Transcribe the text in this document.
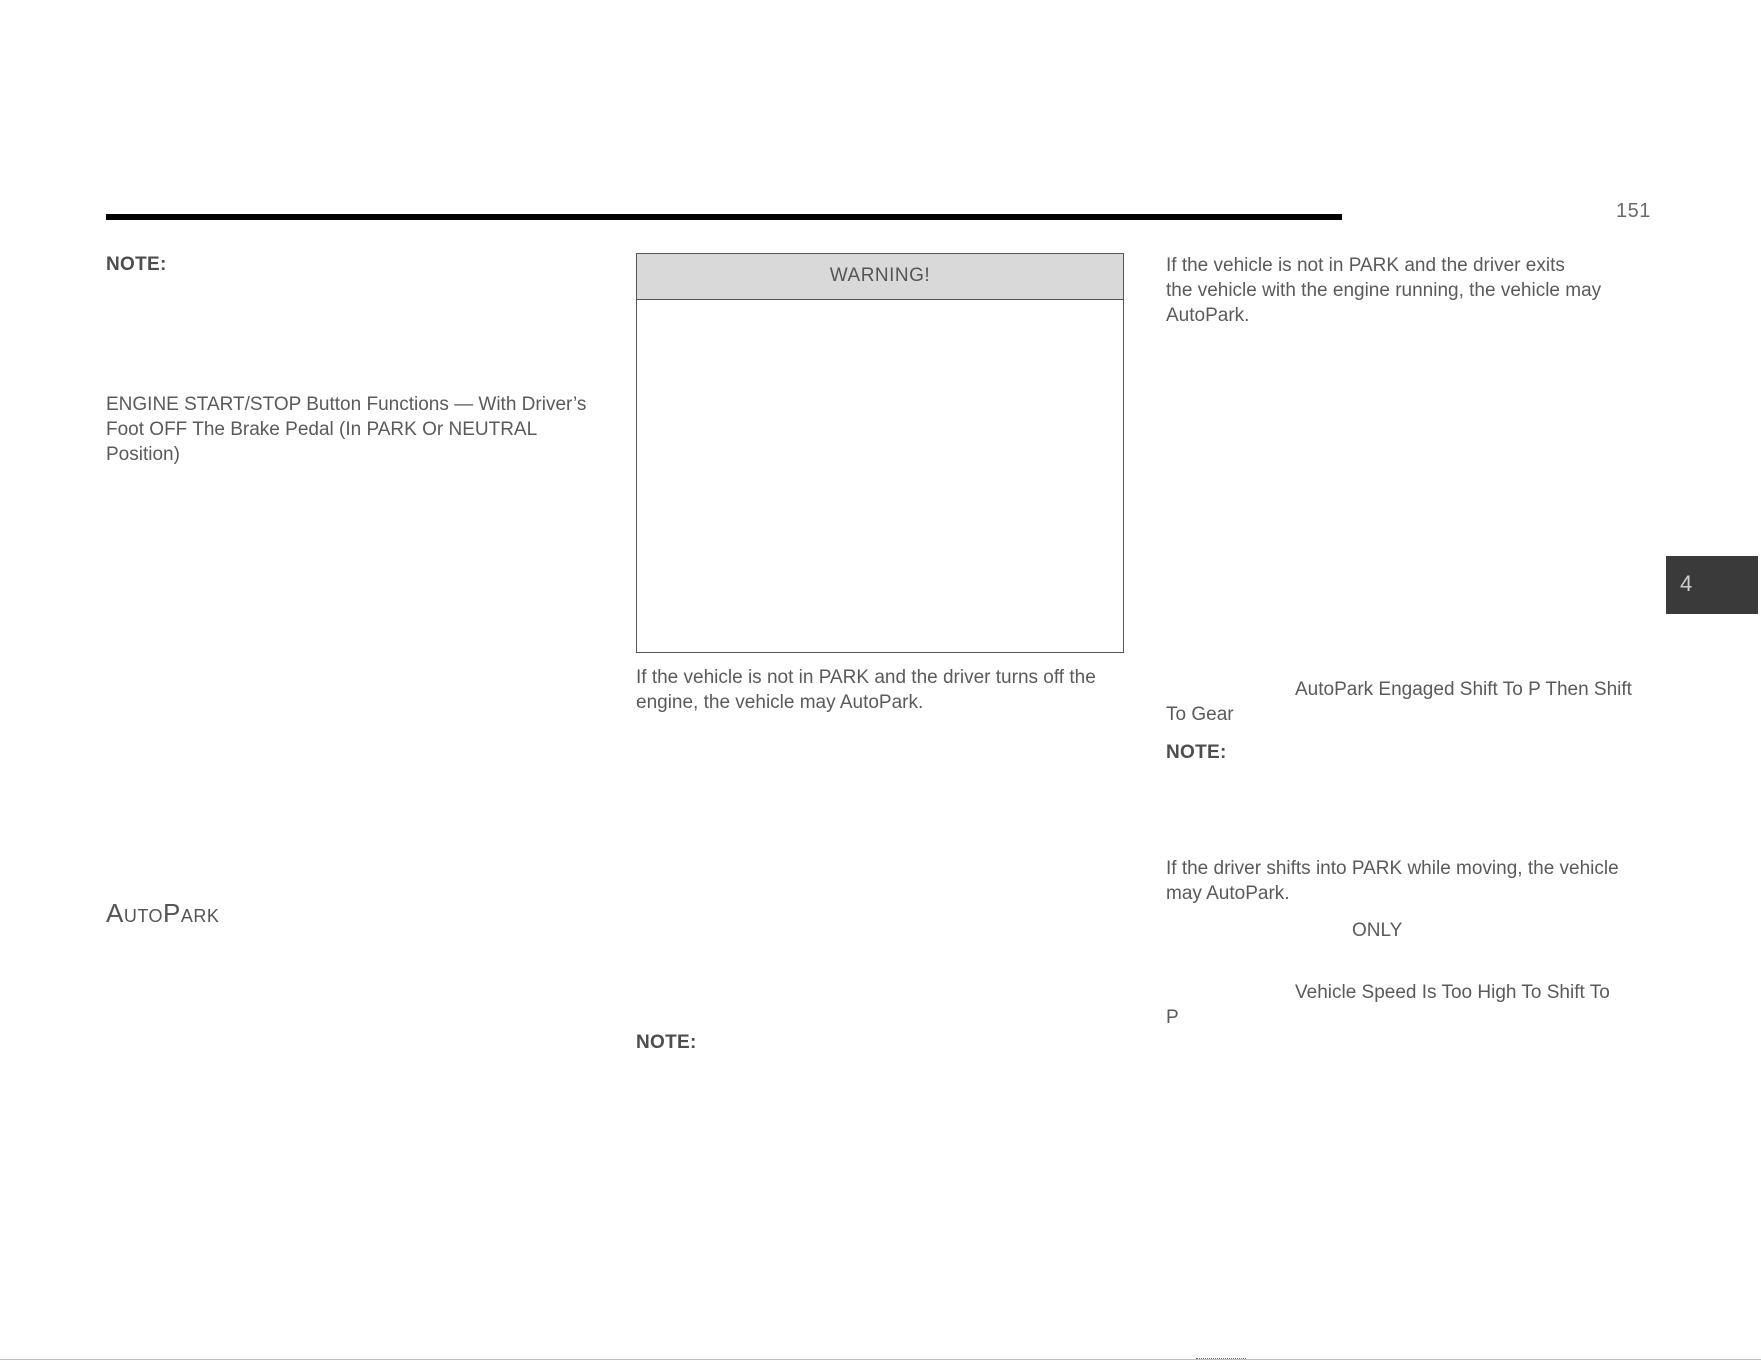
151
4
NOTE:
ENGINE START/STOP Button Functions — With Driver’s
Foot OFF The Brake Pedal (In PARK Or NEUTRAL
Position)
AutoPark
WARNING!
If the vehicle is not in PARK and the driver turns off the
engine, the vehicle may AutoPark.
NOTE:
If the vehicle is not in PARK and the driver exits
the vehicle with the engine running, the vehicle may
AutoPark.
AutoPark Engaged Shift To P Then Shift
To Gear
NOTE:
If the driver shifts into PARK while moving, the vehicle
may AutoPark.
ONLY
Vehicle Speed Is Too High To Shift To
P
